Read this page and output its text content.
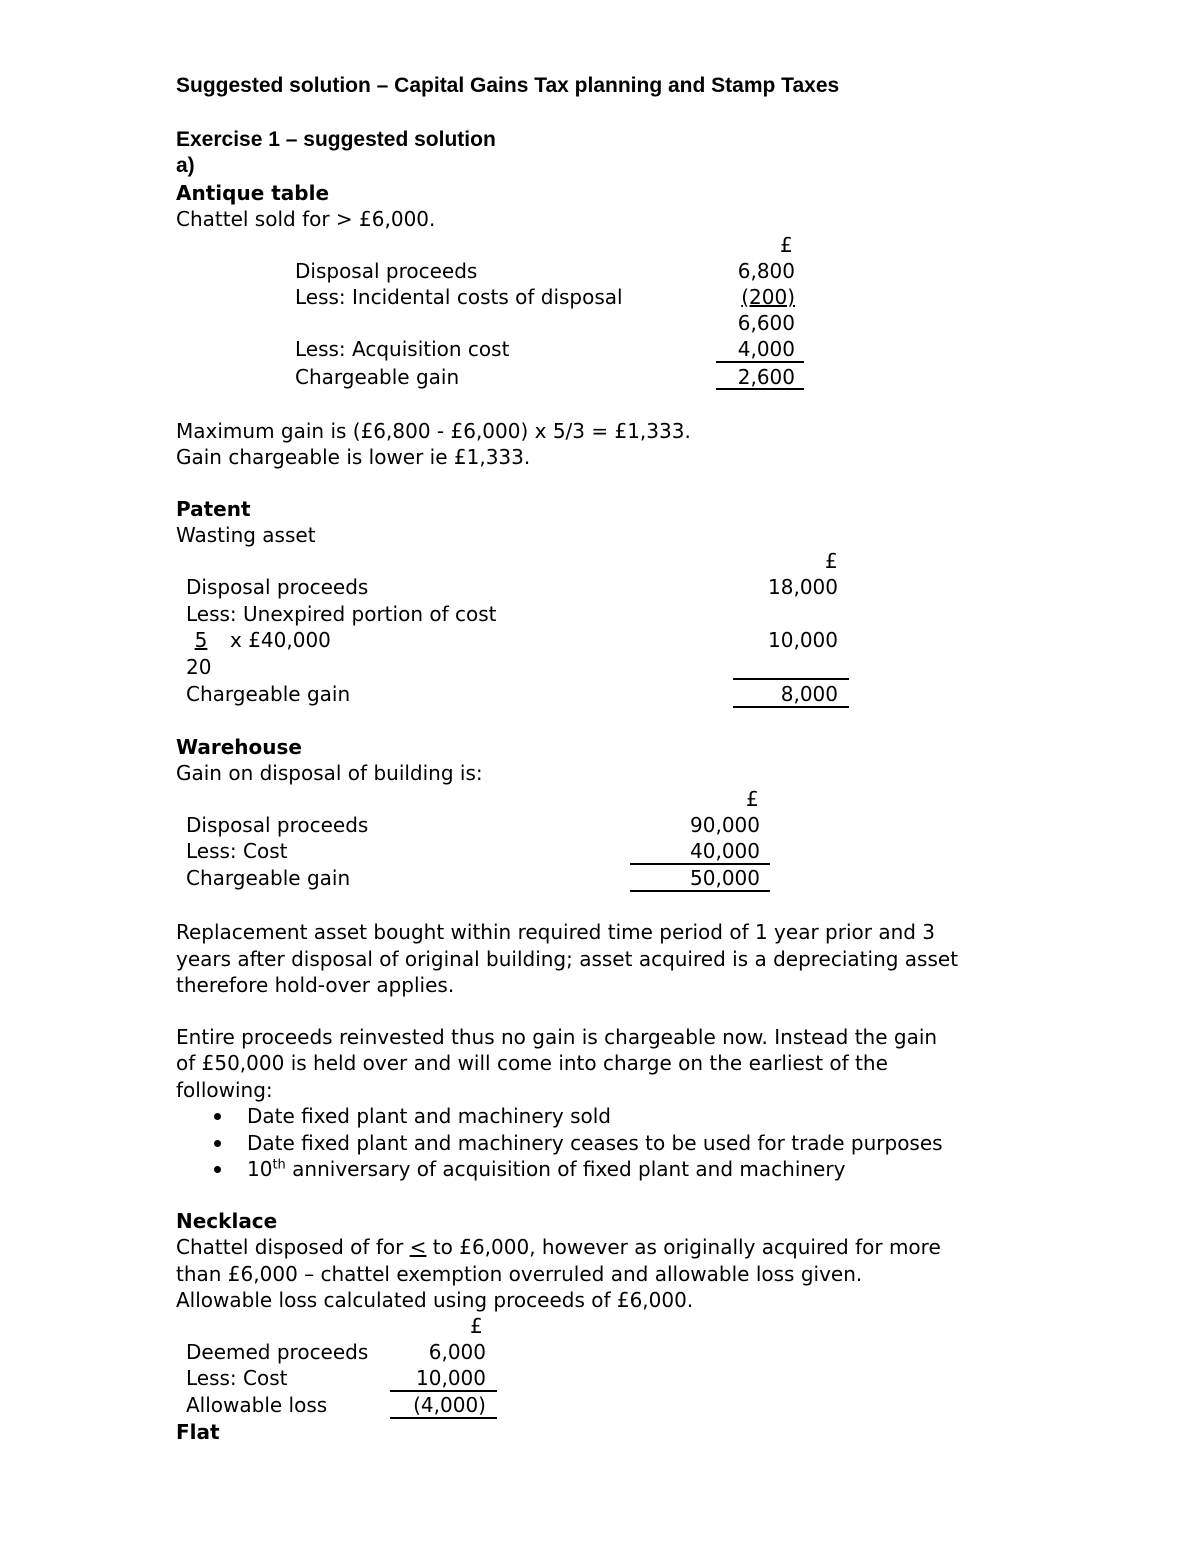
Suggested solution – Capital Gains Tax planning and Stamp Taxes
Exercise 1 – suggested solution
a)
Antique table
Chattel sold for > £6,000.
£
Disposal proceeds	6,800
Less: Incidental costs of disposal	(200)
6,600
Less: Acquisition cost	4,000
Chargeable gain	2,600
Maximum gain is (£6,800 - £6,000) x 5/3 = £1,333.
Gain chargeable is lower ie £1,333.
Patent
Wasting asset
£
Disposal proceeds	18,000
Less: Unexpired portion of cost
5	x £40,000	10,000
20
Chargeable gain	8,000
Warehouse
Gain on disposal of building is:
£
Disposal proceeds	90,000
Less: Cost	40,000
Chargeable gain	50,000
Replacement asset bought within required time period of 1 year prior and 3
years after disposal of original building; asset acquired is a depreciating asset
therefore hold-over applies.
Entire proceeds reinvested thus no gain is chargeable now. Instead the gain
of £50,000 is held over and will come into charge on the earliest of the
following:
Date fixed plant and machinery sold
Date fixed plant and machinery ceases to be used for trade purposes
10th anniversary of acquisition of fixed plant and machinery
Necklace
Chattel disposed of for < to £6,000, however as originally acquired for more
than £6,000 – chattel exemption overruled and allowable loss given.
Allowable loss calculated using proceeds of £6,000.
£
Deemed proceeds	6,000
Less: Cost	10,000
Allowable loss	(4,000)
Flat
